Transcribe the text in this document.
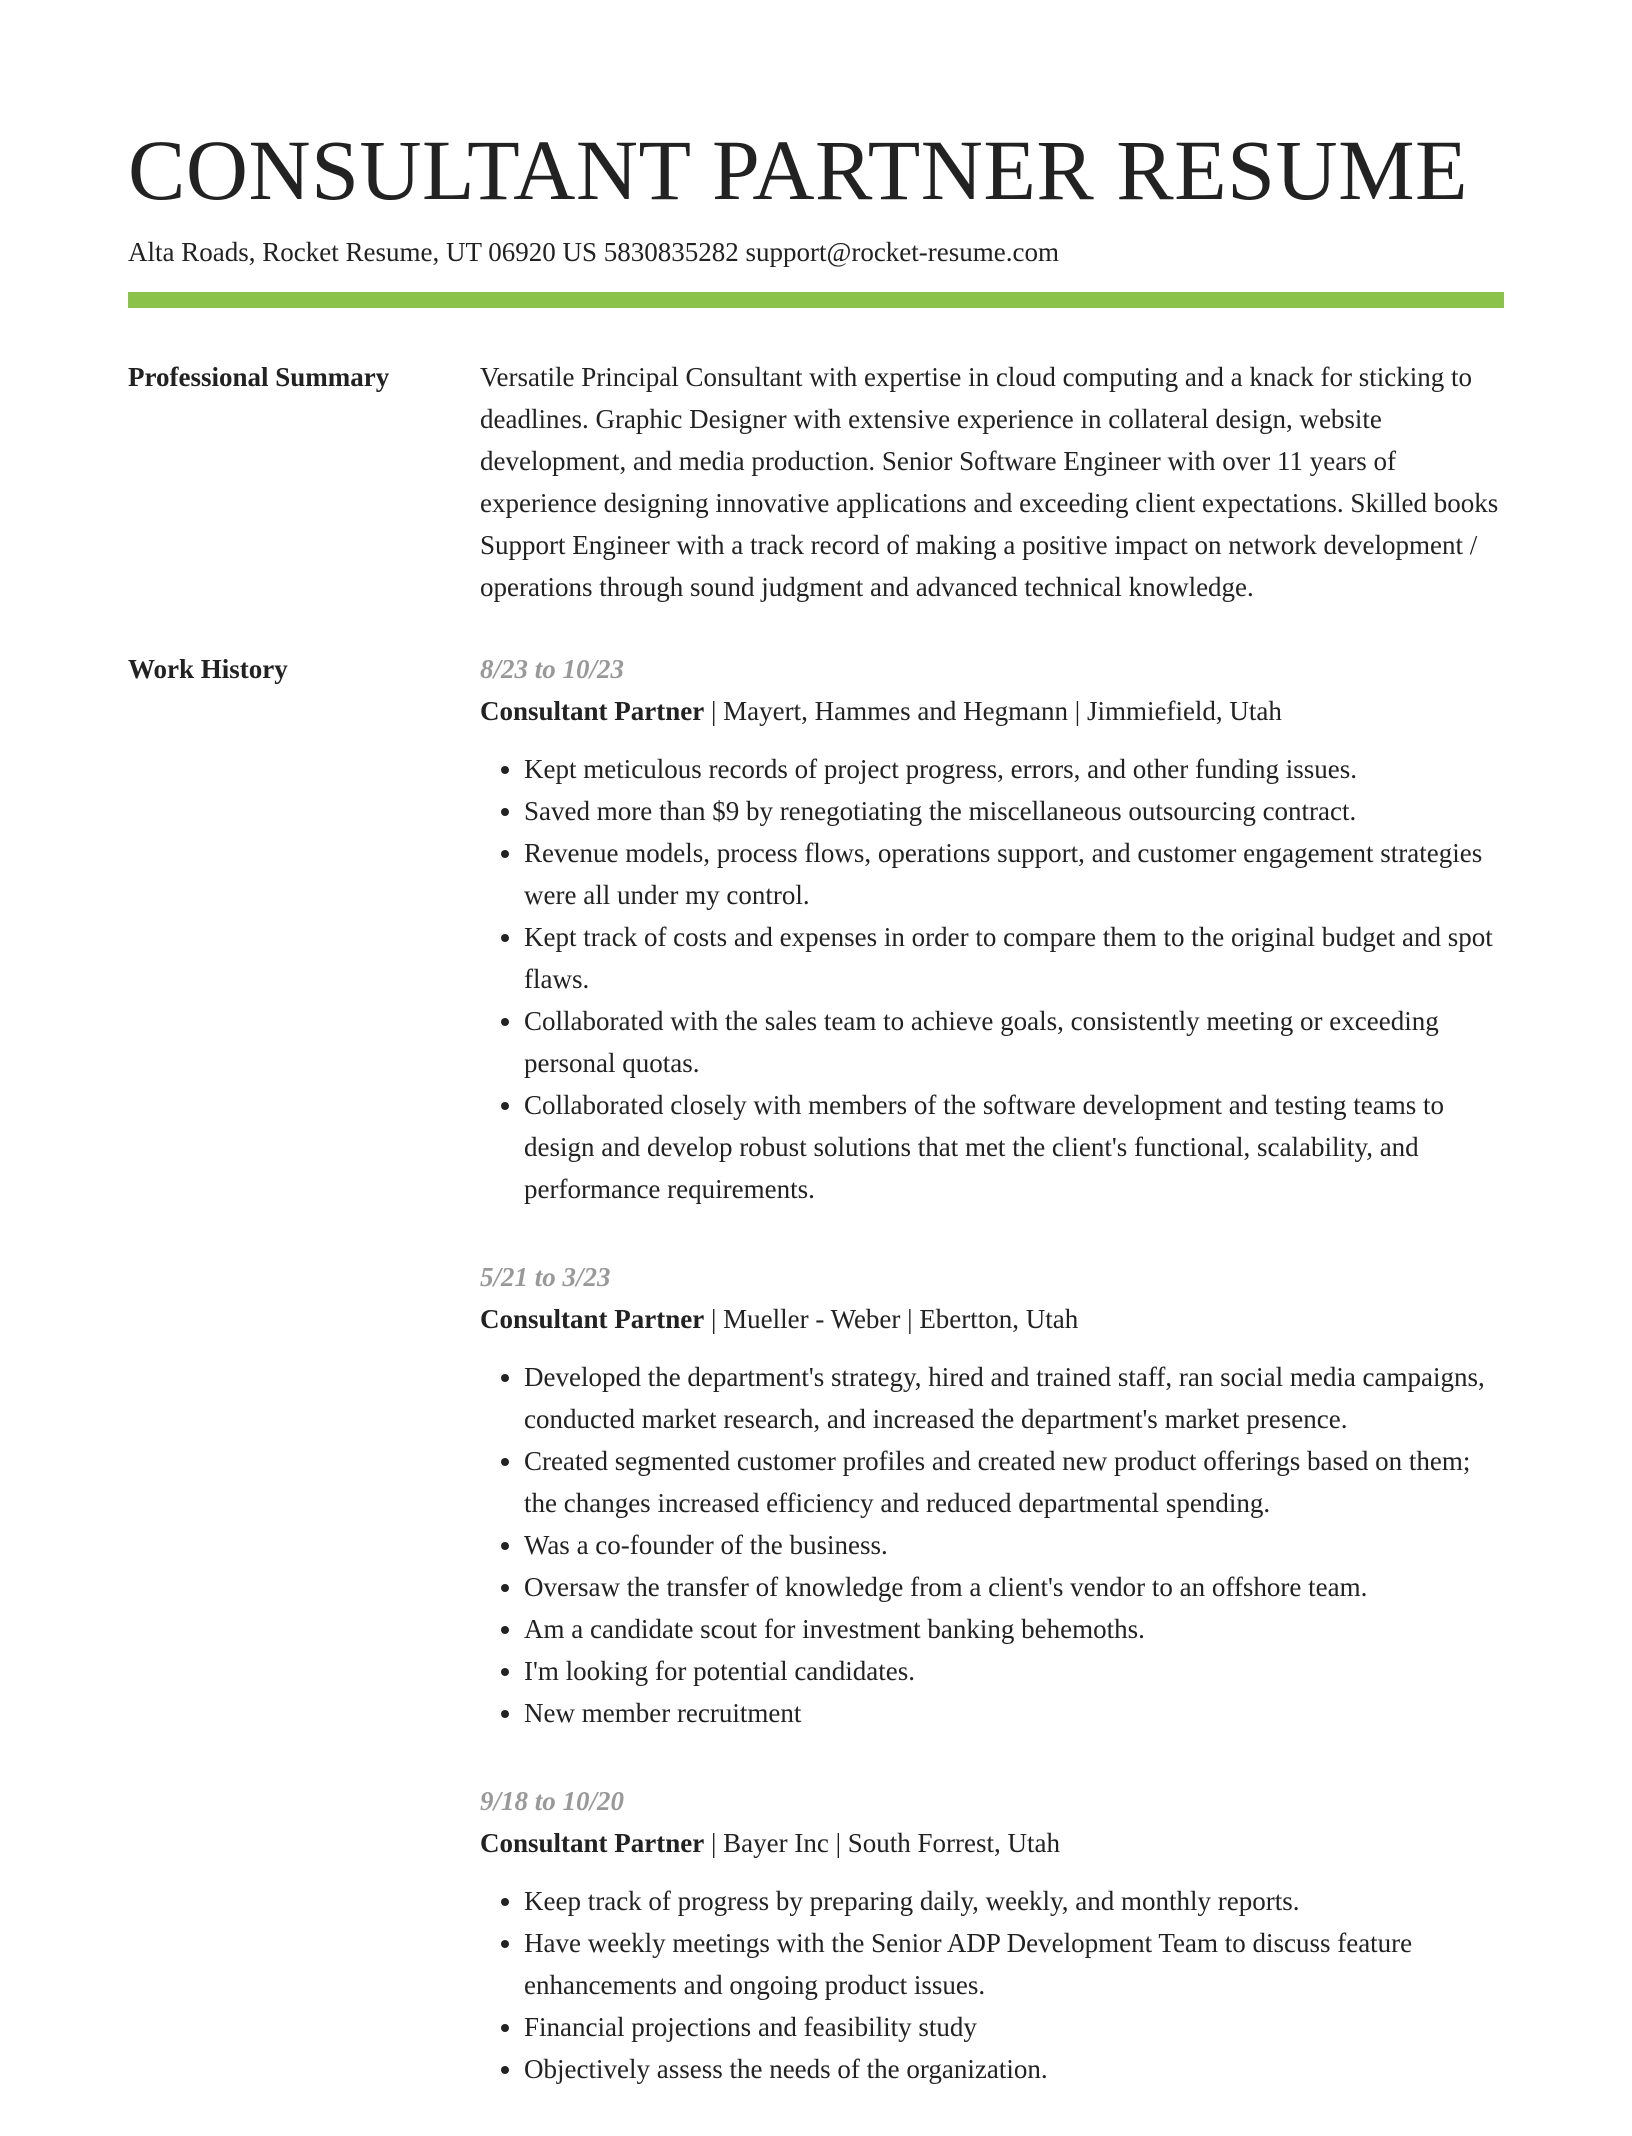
CONSULTANT PARTNER RESUME
Alta Roads, Rocket Resume, UT 06920 US 5830835282 support@rocket-resume.com
Professional Summary	Versatile Principal Consultant with expertise in cloud computing and a knack for sticking to deadlines. Graphic Designer with extensive experience in collateral design, website development, and media production. Senior Software Engineer with over 11 years of experience designing innovative applications and exceeding client expectations. Skilled books Support Engineer with a track record of making a positive impact on network development / operations through sound judgment and advanced technical knowledge.

Work History	8/23 to 10/23
Consultant Partner | Mayert, Hammes and Hegmann | Jimmiefield, Utah
• Kept meticulous records of project progress, errors, and other funding issues.
• Saved more than $9 by renegotiating the miscellaneous outsourcing contract.
• Revenue models, process flows, operations support, and customer engagement strategies were all under my control.
• Kept track of costs and expenses in order to compare them to the original budget and spot flaws.
• Collaborated with the sales team to achieve goals, consistently meeting or exceeding personal quotas.
• Collaborated closely with members of the software development and testing teams to design and develop robust solutions that met the client's functional, scalability, and performance requirements.
5/21 to 3/23
Consultant Partner | Mueller - Weber | Ebertton, Utah
• Developed the department's strategy, hired and trained staff, ran social media campaigns, conducted market research, and increased the department's market presence.
• Created segmented customer profiles and created new product offerings based on them; the changes increased efficiency and reduced departmental spending.
• Was a co-founder of the business.
• Oversaw the transfer of knowledge from a client's vendor to an offshore team.
• Am a candidate scout for investment banking behemoths.
• I'm looking for potential candidates.
• New member recruitment
9/18 to 10/20
Consultant Partner | Bayer Inc | South Forrest, Utah
• Keep track of progress by preparing daily, weekly, and monthly reports.
• Have weekly meetings with the Senior ADP Development Team to discuss feature enhancements and ongoing product issues.
• Financial projections and feasibility study
• Objectively assess the needs of the organization.
